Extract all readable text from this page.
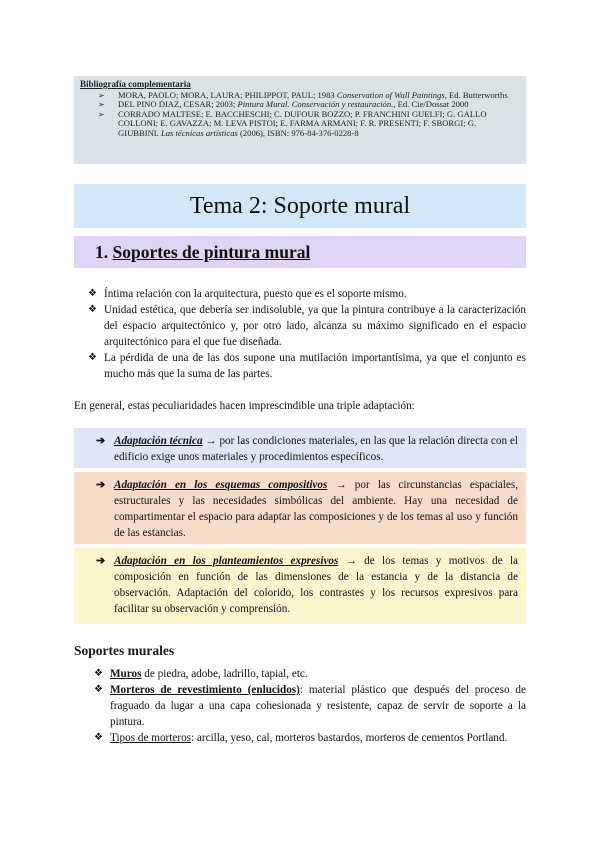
Bibliografía complementaria
➢ MORA, PAOLO; MORA, LAURA; PHILIPPOT, PAUL; 1983 Conservation of Wall Paintings, Ed. Butterworths
➢ DEL PINO DIAZ, CESAR; 2003; Pintura Mural. Conservación y restauración., Ed. Cie/Dossat 2000
➢ CORRADO MALTESE; E. BACCHESCHI; C. DUFOUR BOZZO; P. FRANCHINI GUELFI; G. GALLO COLLONI; E. GAVAZZA; M. LEVA PISTOI; E. FARMA ARMANI; F. R. PRESENTI; F. SBORGI; G. GIUBBINI. Las técnicas artísticas (2006), ISBN: 976-84-376-0228-8
Tema 2: Soporte mural
1. Soportes de pintura mural
❖ Íntima relación con la arquitectura, puesto que es el soporte mismo.
❖ Unidad estética, que debería ser indisoluble, ya que la pintura contribuye a la caracterización del espacio arquitectónico y, por otro lado, alcanza su máximo significado en el espacio arquitectónico para el que fue diseñada.
❖ La pérdida de una de las dos supone una mutilación importantísima, ya que el conjunto es mucho más que la suma de las partes.
En general, estas peculiaridades hacen imprescindible una triple adaptación:
➔ Adaptación técnica → por las condiciones materiales, en las que la relación directa con el edificio exige unos materiales y procedimientos específicos.
➔ Adaptación en los esquemas compositivos → por las circunstancias espaciales, estructurales y las necesidades simbólicas del ambiente. Hay una necesidad de compartimentar el espacio para adaptar las composiciones y de los temas al uso y función de las estancias.
➔ Adaptación en los planteamientos expresivos → de los temas y motivos de la composición en función de las dimensiones de la estancia y de la distancia de observación. Adaptación del colorido, los contrastes y los recursos expresivos para facilitar su observación y comprensión.
Soportes murales
❖ Muros de piedra, adobe, ladrillo, tapial, etc.
❖ Morteros de revestimiento (enlucidos): material plástico que después del proceso de fraguado da lugar a una capa cohesionada y resistente, capaz de servir de soporte a la pintura.
❖ Tipos de morteros: arcilla, yeso, cal, morteros bastardos, morteros de cementos Portland.
